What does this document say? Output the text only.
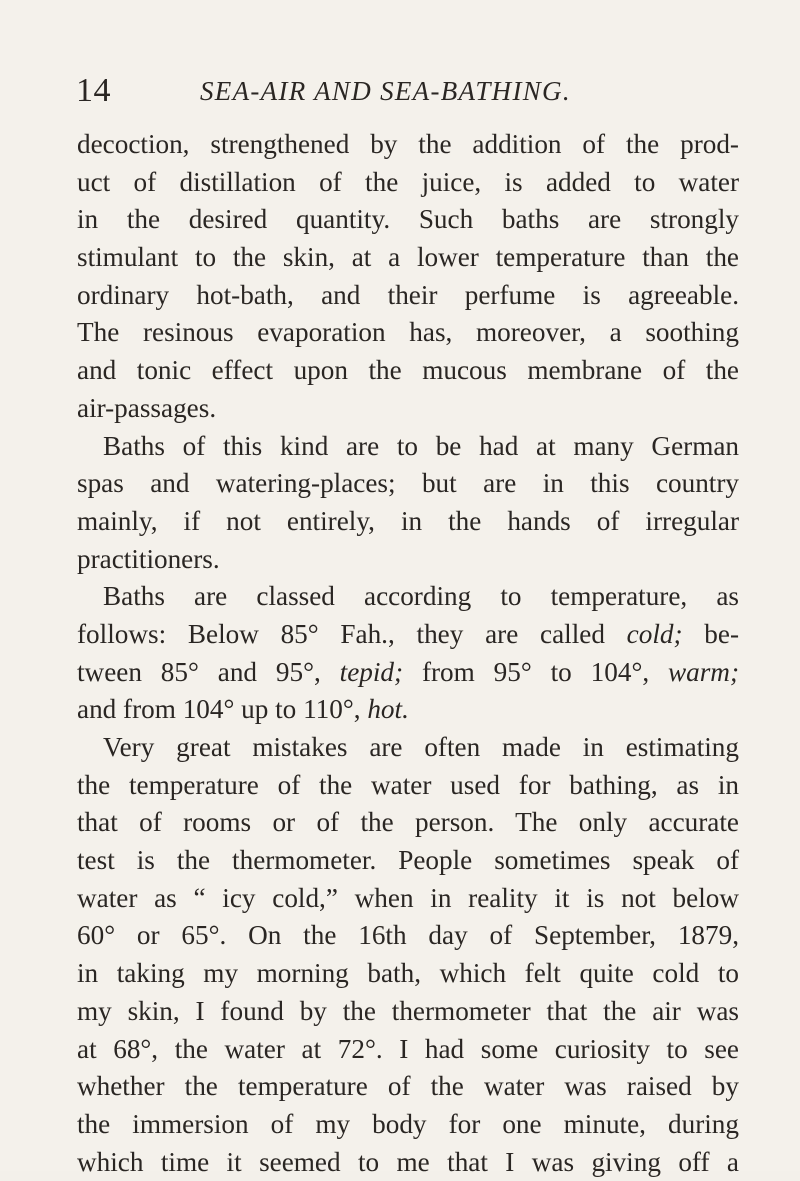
14	SEA-AIR AND SEA-BATHING.
decoction, strengthened by the addition of the prod-
uct of distillation of the juice, is added to water
in the desired quantity. Such baths are strongly
stimulant to the skin, at a lower temperature than the
ordinary hot-bath, and their perfume is agreeable.
The resinous evaporation has, moreover, a soothing
and tonic effect upon the mucous membrane of the
air-passages.
Baths of this kind are to be had at many German
spas and watering-places; but are in this country
mainly, if not entirely, in the hands of irregular
practitioners.
Baths are classed according to temperature, as
follows: Below 85° Fah., they are called cold; be-
tween 85° and 95°, tepid; from 95° to 104°, warm;
and from 104° up to 110°, hot.
Very great mistakes are often made in estimating
the temperature of the water used for bathing, as in
that of rooms or of the person. The only accurate
test is the thermometer. People sometimes speak of
water as “ icy cold,” when in reality it is not below
60° or 65°. On the 16th day of September, 1879,
in taking my morning bath, which felt quite cold to
my skin, I found by the thermometer that the air was
at 68°, the water at 72°. I had some curiosity to see
whether the temperature of the water was raised by
the immersion of my body for one minute, during
which time it seemed to me that I was giving off a
